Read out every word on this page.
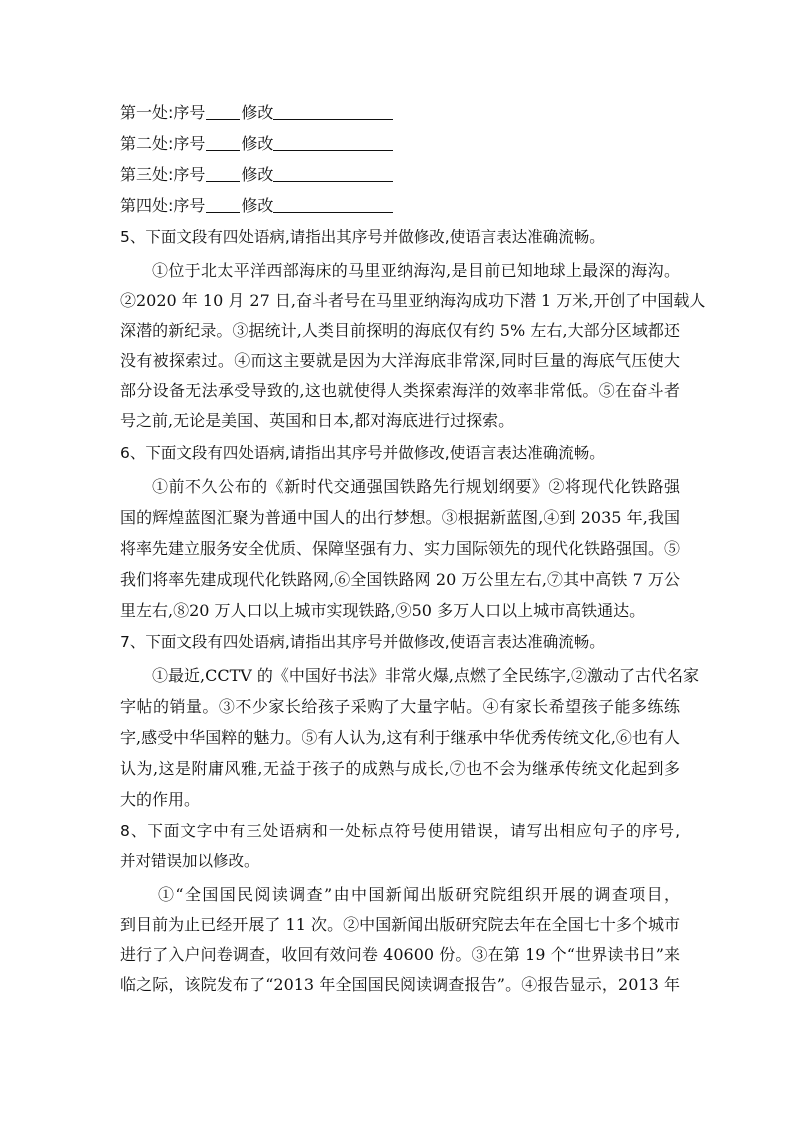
第一处:序号 修改
第二处:序号 修改
第三处:序号 修改
第四处:序号 修改
5、下面文段有四处语病,请指出其序号并做修改,使语言表达准确流畅。
①位于北太平洋西部海床的马里亚纳海沟,是目前已知地球上最深的海沟。
②2020 年 10 月 27 日,奋斗者号在马里亚纳海沟成功下潜 1 万米,开创了中国载人
深潜的新纪录。③据统计,人类目前探明的海底仅有约 5% 左右,大部分区域都还
没有被探索过。④而这主要就是因为大洋海底非常深,同时巨量的海底气压使大
部分设备无法承受导致的,这也就使得人类探索海洋的效率非常低。⑤在奋斗者
号之前,无论是美国、英国和日本,都对海底进行过探索。
6、下面文段有四处语病,请指出其序号并做修改,使语言表达准确流畅。
①前不久公布的《新时代交通强国铁路先行规划纲要》②将现代化铁路强
国的辉煌蓝图汇聚为普通中国人的出行梦想。③根据新蓝图,④到 2035 年,我国
将率先建立服务安全优质、保障坚强有力、实力国际领先的现代化铁路强国。⑤
我们将率先建成现代化铁路网,⑥全国铁路网 20 万公里左右,⑦其中高铁 7 万公
里左右,⑧20 万人口以上城市实现铁路,⑨50 多万人口以上城市高铁通达。
7、下面文段有四处语病,请指出其序号并做修改,使语言表达准确流畅。
①最近,CCTV 的《中国好书法》非常火爆,点燃了全民练字,②激动了古代名家
字帖的销量。③不少家长给孩子采购了大量字帖。④有家长希望孩子能多练练
字,感受中华国粹的魅力。⑤有人认为,这有利于继承中华优秀传统文化,⑥也有人
认为,这是附庸风雅,无益于孩子的成熟与成长,⑦也不会为继承传统文化起到多
大的作用。
8、下面文字中有三处语病和一处标点符号使用错误，请写出相应句子的序号,
并对错误加以修改。
①“全国国民阅读调查”由中国新闻出版研究院组织开展的调查项目，
到目前为止已经开展了 11 次。②中国新闻出版研究院去年在全国七十多个城市
进行了入户问卷调查，收回有效问卷 40600 份。③在第 19 个“世界读书日”来
临之际，该院发布了“2013 年全国国民阅读调查报告”。④报告显示，2013 年
